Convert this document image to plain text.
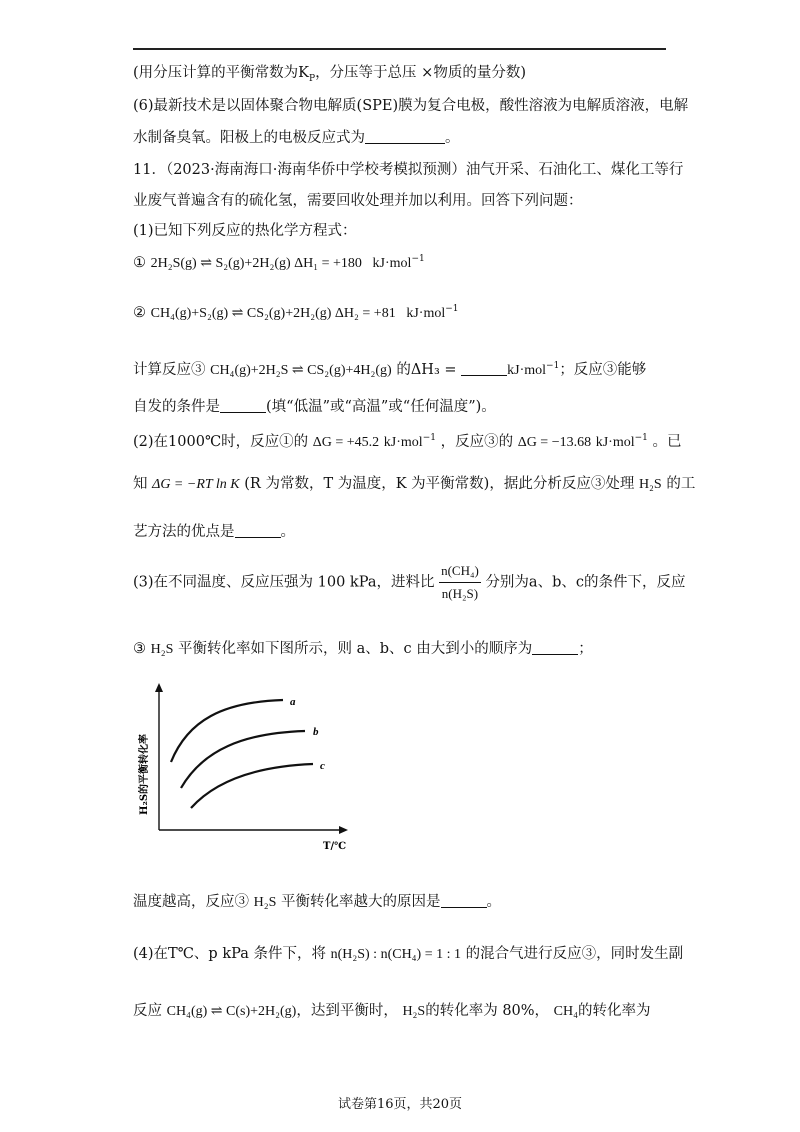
(用分压计算的平衡常数为$K_P$，分压等于总压 ×物质的量分数)
(6)最新技术是以固体聚合物电解质(SPE)膜为复合电极，酸性溶液为电解质溶液，电解
水制备臭氧。阳极上的电极反应式为	。
11．（2023·海南海口·海南华侨中学校考模拟预测）油气开采、石油化工、煤化工等行
业废气普遍含有的硫化氢，需要回收处理并加以利用。回答下列问题：
(1)已知下列反应的热化学方程式：
① 2H₂S(g) ⇌ S₂(g)+2H₂(g) ΔH₁ = +180 kJ·mol$^{-1}$
② CH₄(g)+S₂(g) ⇌ CS₂(g)+2H₂(g) ΔH₂ = +81 kJ·mol$^{-1}$
计算反应③ CH₄(g)+2H₂S ⇌ CS₂(g)+4H₂(g) 的ΔH₃ =	kJ·mol$^{-1}$；反应③能够
自发的条件是	(填“低温”或“高温”或“任何温度”)。
(2)在1000℃时，反应①的 ΔG = +45.2 kJ·mol$^{-1}$ ，反应③的 ΔG = −13.68 kJ·mol$^{-1}$ 。已
知 ΔG = −RT ln K (R 为常数，T 为温度，K 为平衡常数)，据此分析反应③处理 H₂S 的工
艺方法的优点是	。
(3)在不同温度、反应压强为 100 kPa，进料比 $\frac{\text{n(CH₄)}}{\text{n(H₂S)}}$ 分别为a、b、c的条件下，反应
③ H₂S 平衡转化率如下图所示，则 a、b、c 由大到小的顺序为	；
a
b
c
H₂S的平衡转化率
T/℃
温度越高，反应③ H₂S 平衡转化率越大的原因是	。
(4)在T℃、p kPa 条件下，将 n(H₂S) : n(CH₄) = 1 : 1 的混合气进行反应③，同时发生副
反应 CH₄(g) ⇌ C(s)+2H₂(g)，达到平衡时， H₂S的转化率为 80%， CH₄的转化率为
试卷第16页，共20页
